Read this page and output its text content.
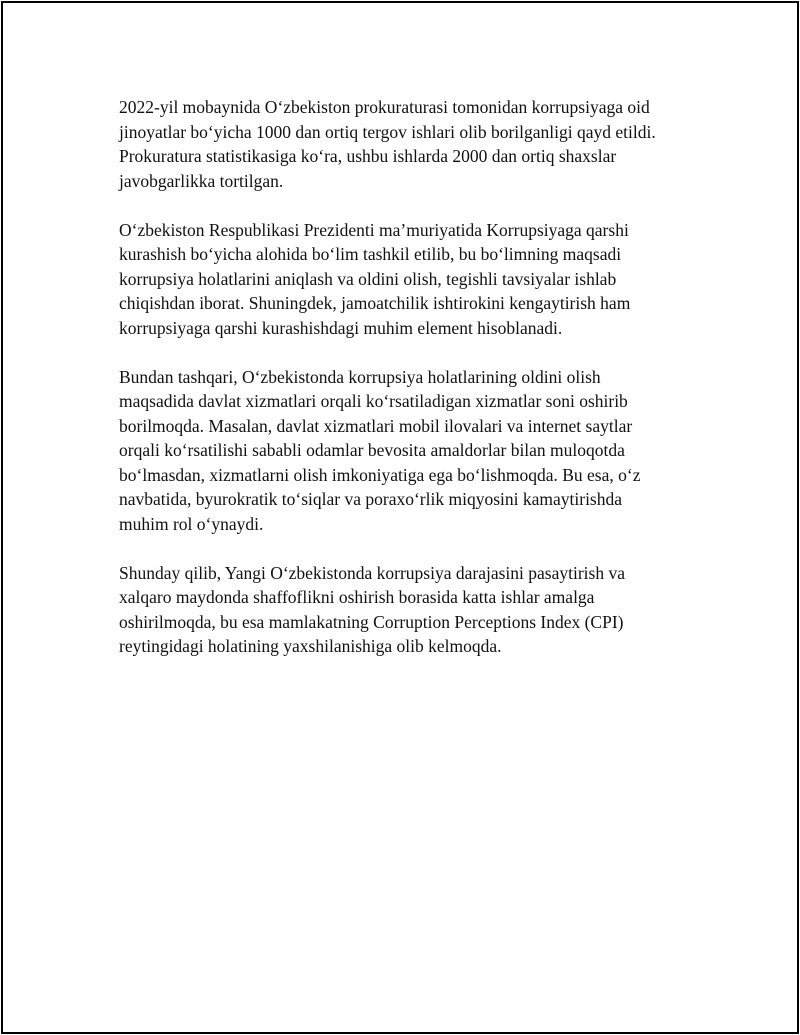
2022-yil mobaynida O‘zbekiston prokuraturasi tomonidan korrupsiyaga oid
jinoyatlar bo‘yicha 1000 dan ortiq tergov ishlari olib borilganligi qayd etildi.
Prokuratura statistikasiga ko‘ra, ushbu ishlarda 2000 dan ortiq shaxslar
javobgarlikka tortilgan.

O‘zbekiston Respublikasi Prezidenti ma’muriyatida Korrupsiyaga qarshi
kurashish bo‘yicha alohida bo‘lim tashkil etilib, bu bo‘limning maqsadi
korrupsiya holatlarini aniqlash va oldini olish, tegishli tavsiyalar ishlab
chiqishdan iborat. Shuningdek, jamoatchilik ishtirokini kengaytirish ham
korrupsiyaga qarshi kurashishdagi muhim element hisoblanadi.

Bundan tashqari, O‘zbekistonda korrupsiya holatlarining oldini olish
maqsadida davlat xizmatlari orqali ko‘rsatiladigan xizmatlar soni oshirib
borilmoqda. Masalan, davlat xizmatlari mobil ilovalari va internet saytlar
orqali ko‘rsatilishi sababli odamlar bevosita amaldorlar bilan muloqotda
bo‘lmasdan, xizmatlarni olish imkoniyatiga ega bo‘lishmoqda. Bu esa, o‘z
navbatida, byurokratik to‘siqlar va poraxo‘rlik miqyosini kamaytirishda
muhim rol o‘ynaydi.

Shunday qilib, Yangi O‘zbekistonda korrupsiya darajasini pasaytirish va
xalqaro maydonda shaffoflikni oshirish borasida katta ishlar amalga
oshirilmoqda, bu esa mamlakatning Corruption Perceptions Index (CPI)
reytingidagi holatining yaxshilanishiga olib kelmoqda.
